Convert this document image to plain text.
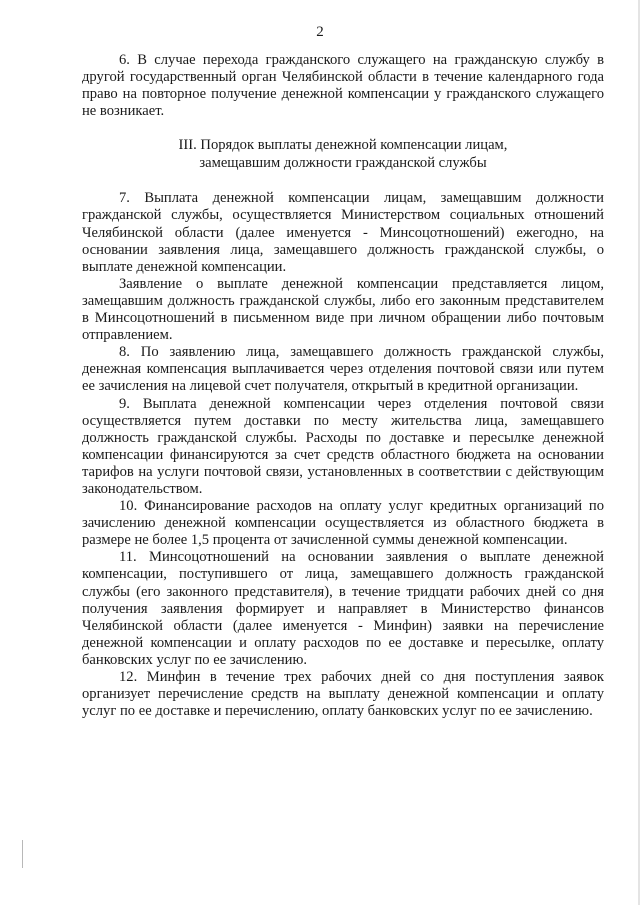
2

6. В случае перехода гражданского служащего на гражданскую службу в другой государственный орган Челябинской области в течение календарного года право на повторное получение денежной компенсации у гражданского служащего не возникает.

III. Порядок выплаты денежной компенсации лицам,
замещавшим должности гражданской службы

7. Выплата денежной компенсации лицам, замещавшим должности гражданской службы, осуществляется Министерством социальных отношений Челябинской области (далее именуется - Минсоцотношений) ежегодно, на основании заявления лица, замещавшего должность гражданской службы, о выплате денежной компенсации.

Заявление о выплате денежной компенсации представляется лицом, замещавшим должность гражданской службы, либо его законным представителем в Минсоцотношений в письменном виде при личном обращении либо почтовым отправлением.

8. По заявлению лица, замещавшего должность гражданской службы, денежная компенсация выплачивается через отделения почтовой связи или путем ее зачисления на лицевой счет получателя, открытый в кредитной организации.

9. Выплата денежной компенсации через отделения почтовой связи осуществляется путем доставки по месту жительства лица, замещавшего должность гражданской службы. Расходы по доставке и пересылке денежной компенсации финансируются за счет средств областного бюджета на основании тарифов на услуги почтовой связи, установленных в соответствии с действующим законодательством.

10. Финансирование расходов на оплату услуг кредитных организаций по зачислению денежной компенсации осуществляется из областного бюджета в размере не более 1,5 процента от зачисленной суммы денежной компенсации.

11. Минсоцотношений на основании заявления о выплате денежной компенсации, поступившего от лица, замещавшего должность гражданской службы (его законного представителя), в течение тридцати рабочих дней со дня получения заявления формирует и направляет в Министерство финансов Челябинской области (далее именуется - Минфин) заявки на перечисление денежной компенсации и оплату расходов по ее доставке и пересылке, оплату банковских услуг по ее зачислению.

12. Минфин в течение трех рабочих дней со дня поступления заявок организует перечисление средств на выплату денежной компенсации и оплату услуг по ее доставке и перечислению, оплату банковских услуг по ее зачислению.
